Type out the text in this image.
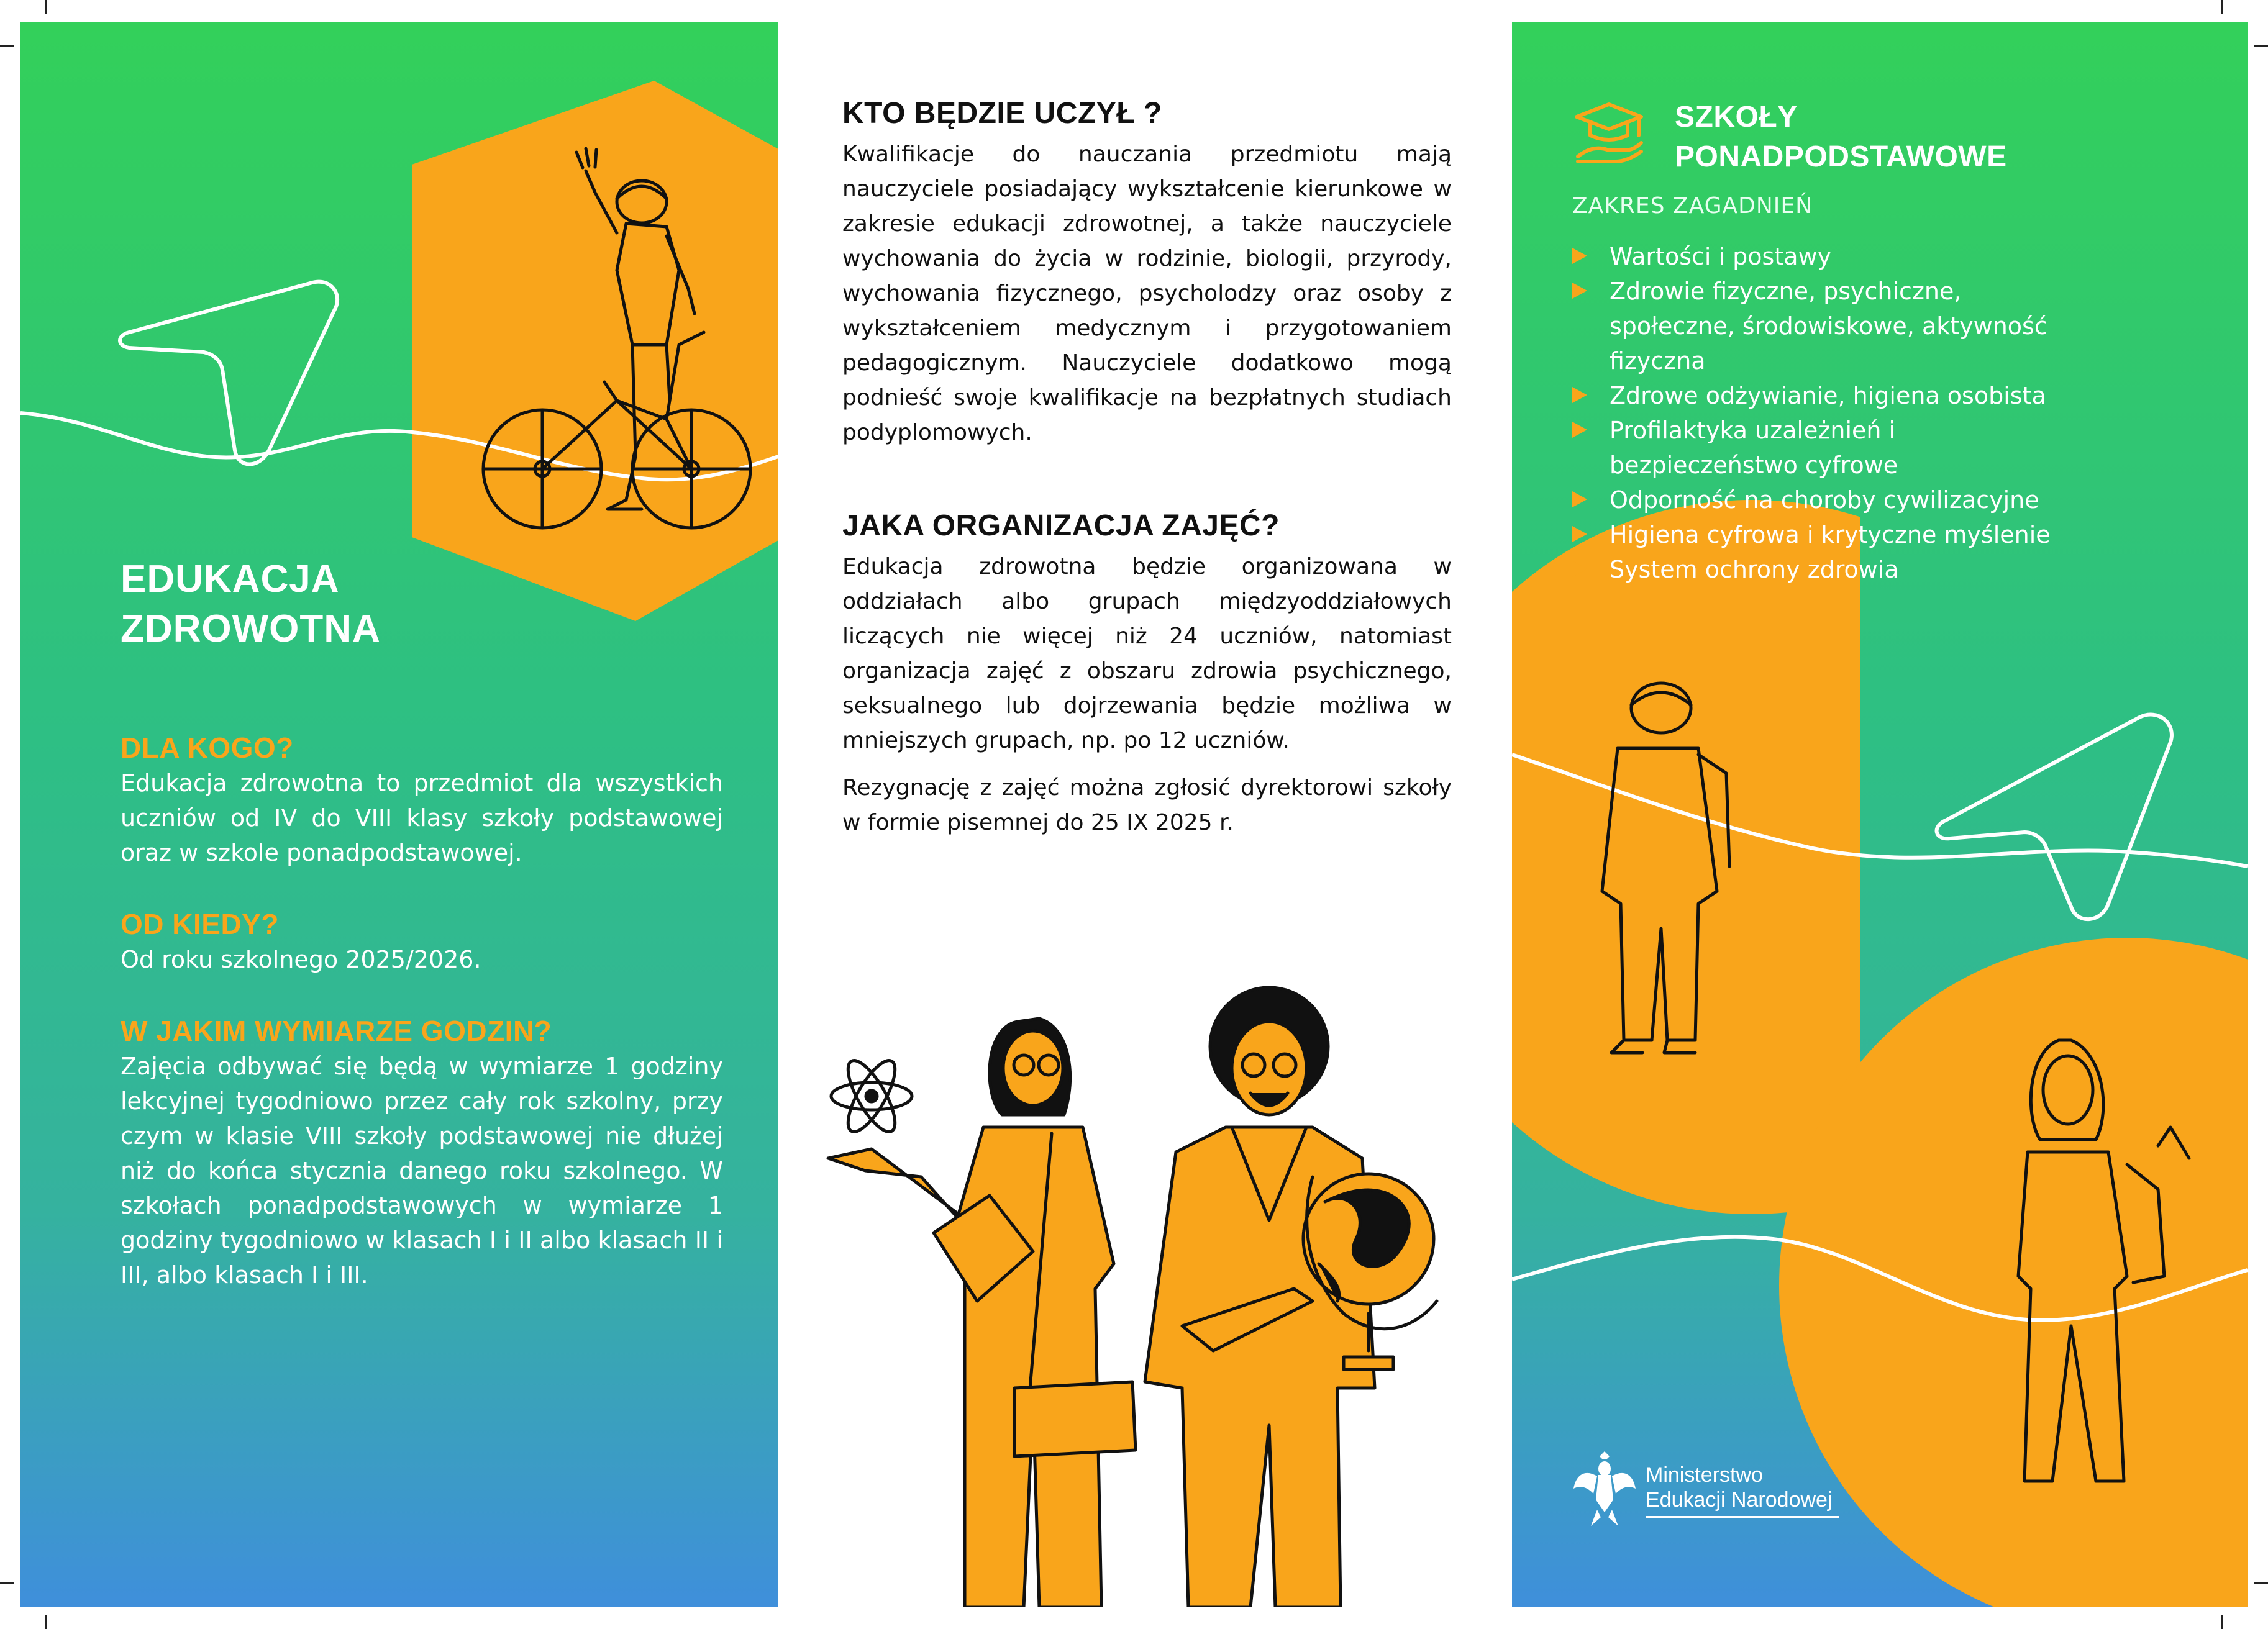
EDUKACJA
ZDROWOTNA
DLA KOGO?
Edukacja zdrowotna to przedmiot dla wszystkich uczniów od IV do VIII klasy szkoły podstawowej oraz w szkole ponadpodstawowej.
OD KIEDY?
Od roku szkolnego 2025/2026.
W JAKIM WYMIARZE GODZIN?
Zajęcia odbywać się będą w wymiarze 1 godziny lekcyjnej tygodniowo przez cały rok szkolny, przy czym w klasie VIII szkoły podstawowej nie dłużej niż do końca stycznia danego roku szkolnego. W szkołach ponadpodstawowych w wymiarze 1 godziny tygodniowo w klasach I i II albo klasach II i III, albo klasach I i III.
KTO BĘDZIE UCZYŁ ?
Kwalifikacje do nauczania przedmiotu mają nauczyciele posiadający wykształcenie kierunkowe w zakresie edukacji zdrowotnej, a także nauczyciele wychowania do życia w rodzinie, biologii, przyrody, wychowania fizycznego, psycholodzy oraz osoby z wykształceniem medycznym i przygotowaniem pedagogicznym. Nauczyciele dodatkowo mogą podnieść swoje kwalifikacje na bezpłatnych studiach podyplomowych.
JAKA ORGANIZACJA ZAJĘĆ?
Edukacja zdrowotna będzie organizowana w oddziałach albo grupach międzyoddziałowych liczących nie więcej niż 24 uczniów, natomiast organizacja zajęć z obszaru zdrowia psychicznego, seksualnego lub dojrzewania będzie możliwa w mniejszych grupach, np. po 12 uczniów.
Rezygnację z zajęć można zgłosić dyrektorowi szkoły w formie pisemnej do 25 IX 2025 r.
SZKOŁY
PONADPODSTAWOWE
ZAKRES ZAGADNIEŃ
Wartości i postawy
Zdrowie fizyczne, psychiczne, społeczne, środowiskowe, aktywność fizyczna
Zdrowe odżywianie, higiena osobista
Profilaktyka uzależnień i bezpieczeństwo cyfrowe
Odporność na choroby cywilizacyjne
Higiena cyfrowa i krytyczne myślenie
System ochrony zdrowia
Ministerstwo
Edukacji Narodowej
